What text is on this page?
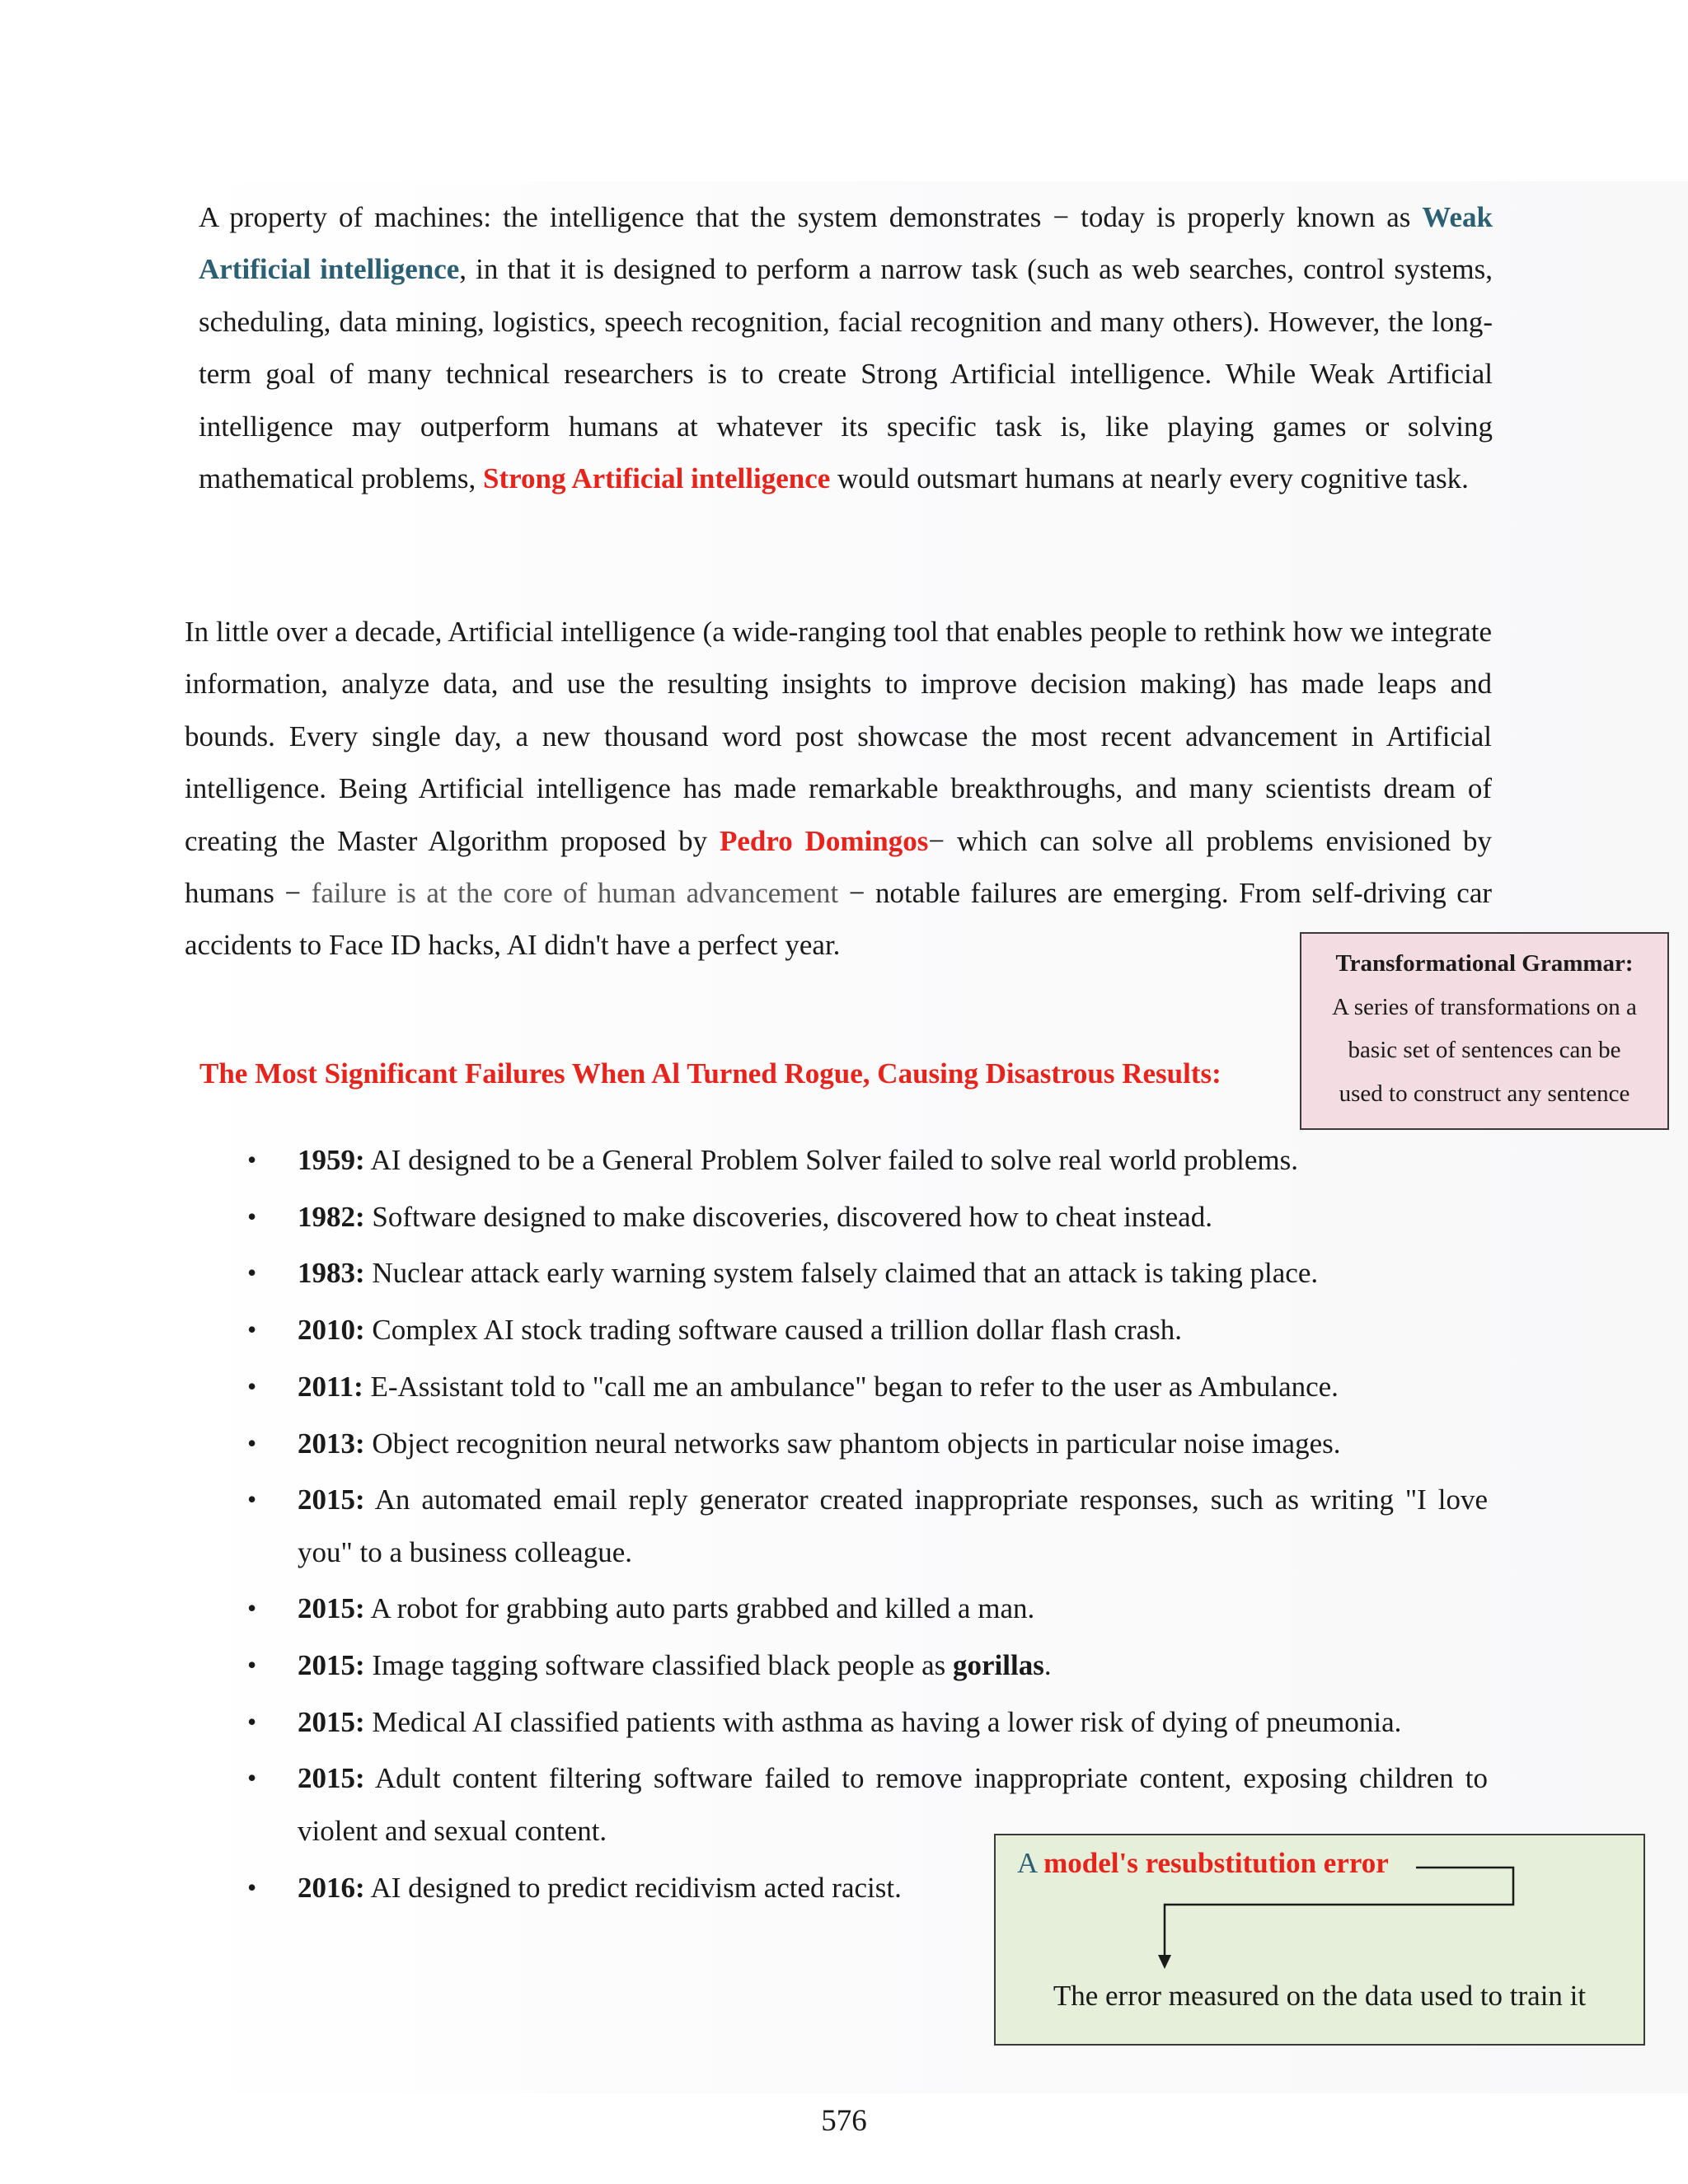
A property of machines: the intelligence that the system demonstrates − today is properly known as Weak Artificial intelligence, in that it is designed to perform a narrow task (such as web searches, control systems, scheduling, data mining, logistics, speech recognition, facial recognition and many others). However, the long-term goal of many technical researchers is to create Strong Artificial intelligence. While Weak Artificial intelligence may outperform humans at whatever its specific task is, like playing games or solving mathematical problems, Strong Artificial intelligence would outsmart humans at nearly every cognitive task.

In little over a decade, Artificial intelligence (a wide-ranging tool that enables people to rethink how we integrate information, analyze data, and use the resulting insights to improve decision making) has made leaps and bounds. Every single day, a new thousand word post showcase the most recent advancement in Artificial intelligence. Being Artificial intelligence has made remarkable breakthroughs, and many scientists dream of creating the Master Algorithm proposed by Pedro Domingos− which can solve all problems envisioned by humans − failure is at the core of human advancement − notable failures are emerging. From self-driving car accidents to Face ID hacks, AI didn't have a perfect year.

Transformational Grammar:
A series of transformations on a
basic set of sentences can be
used to construct any sentence
The Most Significant Failures When Al Turned Rogue, Causing Disastrous Results:
• 1959: AI designed to be a General Problem Solver failed to solve real world problems.
• 1982: Software designed to make discoveries, discovered how to cheat instead.
• 1983: Nuclear attack early warning system falsely claimed that an attack is taking place.
• 2010: Complex AI stock trading software caused a trillion dollar flash crash.
• 2011: E-Assistant told to "call me an ambulance" began to refer to the user as Ambulance.
• 2013: Object recognition neural networks saw phantom objects in particular noise images.
• 2015: An automated email reply generator created inappropriate responses, such as writing "I love you" to a business colleague.
• 2015: A robot for grabbing auto parts grabbed and killed a man.
• 2015: Image tagging software classified black people as gorillas.
• 2015: Medical AI classified patients with asthma as having a lower risk of dying of pneumonia.
• 2015: Adult content filtering software failed to remove inappropriate content, exposing children to violent and sexual content.
• 2016: AI designed to predict recidivism acted racist.
A model's resubstitution error
The error measured on the data used to train it
576
